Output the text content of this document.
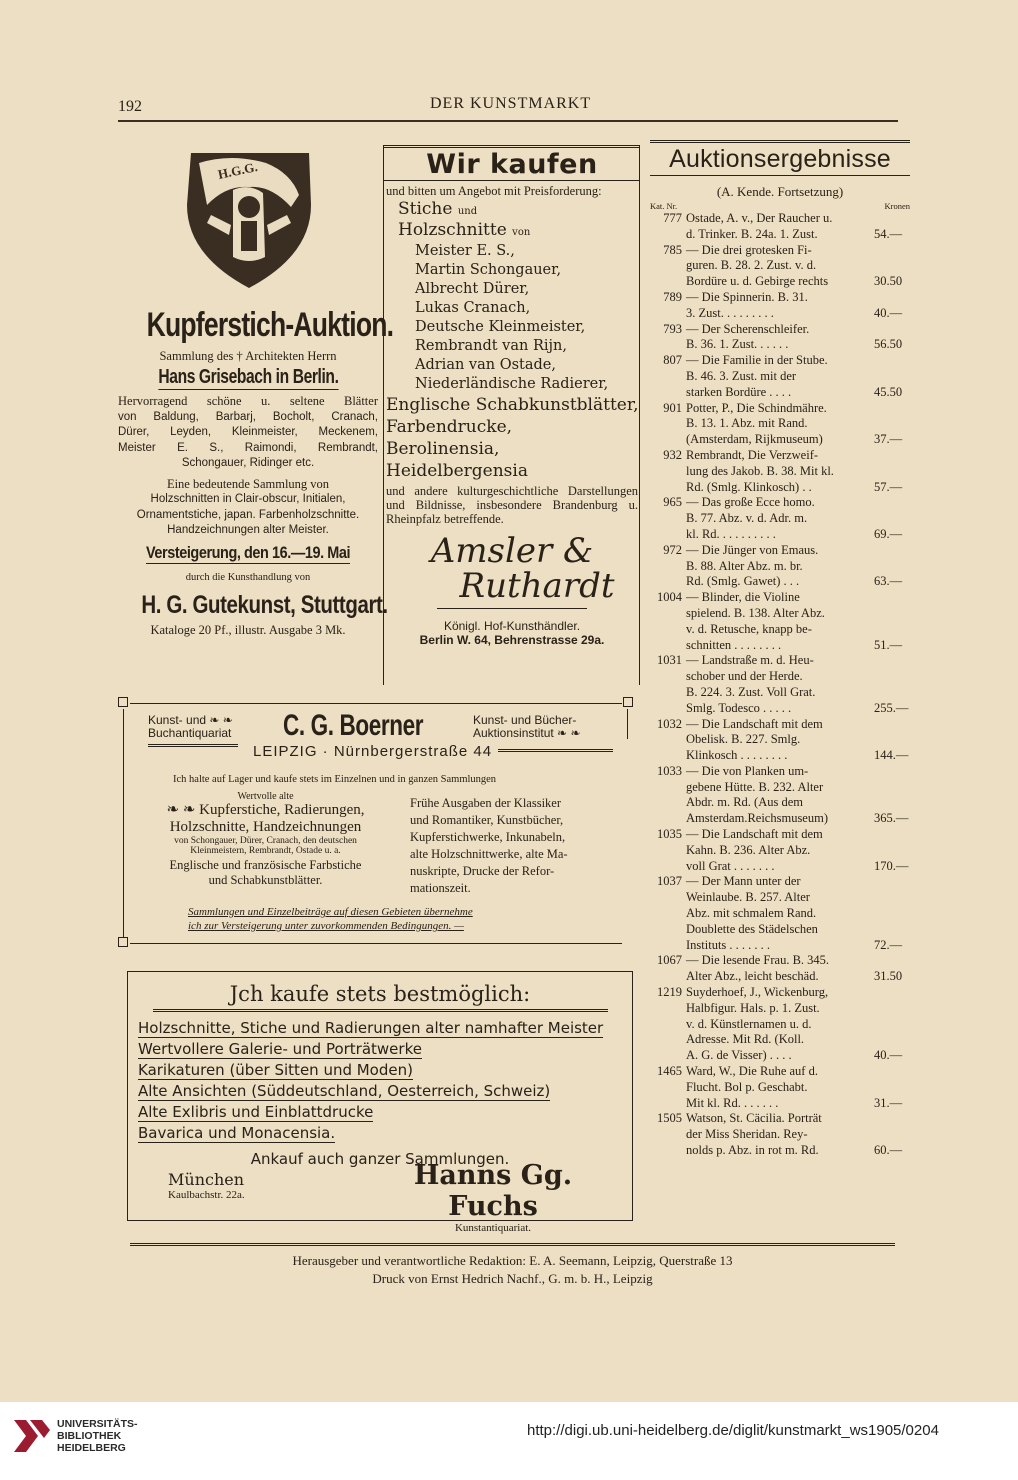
192	DER KUNSTMARKT
H.G.G.
Kupferstich-Auktion.
Sammlung des † Architekten Herrn
Hans Grisebach in Berlin.
Hervorragend schöne u. seltene Blätter
von Baldung, Barbarj, Bocholt, Cranach,
Dürer, Leyden, Kleinmeister, Meckenem,
Meister E. S., Raimondi, Rembrandt,
Schongauer, Ridinger etc.
Eine bedeutende Sammlung von
Holzschnitten in Clair-obscur, Initialen,
Ornamentstiche, japan. Farbenholzschnitte.
Handzeichnungen alter Meister.
Versteigerung, den 16.—19. Mai
durch die Kunsthandlung von
H. G. Gutekunst, Stuttgart.
Kataloge 20 Pf., illustr. Ausgabe 3 Mk.
Wir kaufen
und bitten um Angebot mit Preisforderung:
Stiche und
Holzschnitte von
Meister E. S.,
Martin Schongauer,
Albrecht Dürer,
Lukas Cranach,
Deutsche Kleinmeister,
Rembrandt van Rijn,
Adrian van Ostade,
Niederländische Radierer,
Englische Schabkunstblätter,
Farbendrucke,
Berolinensia,
Heidelbergensia
und andere kulturgeschichtliche Darstellungen und Bildnisse, insbesondere Brandenburg u. Rheinpfalz betreffende.
Amsler &
Ruthardt
Königl. Hof-Kunsthändler.
Berlin W. 64, Behrenstrasse 29a.
Auktionsergebnisse
(A. Kende. Fortsetzung)
Kat. Nr.	Kronen
777 Ostade, A. v., Der Raucher u.
d. Trinker. B. 24a. 1. Zust.	54.—
785 — Die drei grotesken Fi-
guren. B. 28. 2. Zust. v. d.
Bordüre u. d. Gebirge rechts	30.50
789 — Die Spinnerin. B. 31.
3. Zust. . . . . . . . .	40.—
793 — Der Scherenschleifer.
B. 36. 1. Zust. . . . . .	56.50
807 — Die Familie in der Stube.
B. 46. 3. Zust. mit der
starken Bordüre . . . .	45.50
901 Potter, P., Die Schindmähre.
B. 13. 1. Abz. mit Rand.
(Amsterdam, Rijkmuseum)	37.—
932 Rembrandt, Die Verzweif-
lung des Jakob. B. 38. Mit kl.
Rd. (Smlg. Klinkosch) . .	57.—
965 — Das große Ecce homo.
B. 77. Abz. v. d. Adr. m.
kl. Rd. . . . . . . . . .	69.—
972 — Die Jünger von Emaus.
B. 88. Alter Abz. m. br.
Rd. (Smlg. Gawet) . . .	63.—
1004 — Blinder, die Violine
spielend. B. 138. Alter Abz.
v. d. Retusche, knapp be-
schnitten . . . . . . . .	51.—
1031 — Landstraße m. d. Heu-
schober und der Herde.
B. 224. 3. Zust. Voll Grat.
Smlg. Todesco . . . . .	255.—
1032 — Die Landschaft mit dem
Obelisk. B. 227. Smlg.
Klinkosch . . . . . . . .	144.—
1033 — Die von Planken um-
gebene Hütte. B. 232. Alter
Abdr. m. Rd. (Aus dem
Amsterdam.Reichsmuseum)	365.—
1035 — Die Landschaft mit dem
Kahn. B. 236. Alter Abz.
voll Grat . . . . . . .	170.—
1037 — Der Mann unter der
Weinlaube. B. 257. Alter
Abz. mit schmalem Rand.
Doublette des Städelschen
Instituts . . . . . . .	72.—
1067 — Die lesende Frau. B. 345.
Alter Abz., leicht beschäd.	31.50
1219 Suyderhoef, J., Wickenburg,
Halbfigur. Hals. p. 1. Zust.
v. d. Künstlernamen u. d.
Adresse. Mit Rd. (Koll.
A. G. de Visser) . . . .	40.—
1465 Ward, W., Die Ruhe auf d.
Flucht. Bol p. Geschabt.
Mit kl. Rd. . . . . . .	31.—
1505 Watson, St. Cäcilia. Porträt
der Miss Sheridan. Rey-
nolds p. Abz. in rot m. Rd.	60.—
Kunst- und ❧ ❧
Buchantiquariat C. G. Boerner	Kunst- und Bücher-
Auktionsinstitut ❧ ❧
LEIPZIG · Nürnbergerstraße 44
Ich halte auf Lager und kaufe stets im Einzelnen und in ganzen Sammlungen
Wertvolle alte
❧ ❧ Kupferstiche, Radierungen,
Holzschnitte, Handzeichnungen
von Schongauer, Dürer, Cranach, den deutschen
Kleinmeistern, Rembrandt, Ostade u. a.
Englische und französische Farbstiche
und Schabkunstblätter.
Frühe Ausgaben der Klassiker
und Romantiker, Kunstbücher,
Kupferstichwerke, Inkunabeln,
alte Holzschnittwerke, alte Ma-
nuskripte, Drucke der Refor-
mationszeit.
Sammlungen und Einzelbeiträge auf diesen Gebieten übernehme
ich zur Versteigerung unter zuvorkommenden Bedingungen. —
Jch kaufe stets bestmöglich:
Holzschnitte, Stiche und Radierungen alter namhafter Meister
Wertvollere Galerie- und Porträtwerke
Karikaturen (über Sitten und Moden)
Alte Ansichten (Süddeutschland, Oesterreich, Schweiz)
Alte Exlibris und Einblattdrucke
Bavarica und Monacensia.
Ankauf auch ganzer Sammlungen.
München
Kaulbachstr. 22a.
Hanns Gg. Fuchs
Kunstantiquariat.
Herausgeber und verantwortliche Redaktion: E. A. Seemann, Leipzig, Querstraße 13
Druck von Ernst Hedrich Nachf., G. m. b. H., Leipzig
UNIVERSITÄTS-
BIBLIOTHEK
HEIDELBERG
http://digi.ub.uni-heidelberg.de/diglit/kunstmarkt_ws1905/0204
